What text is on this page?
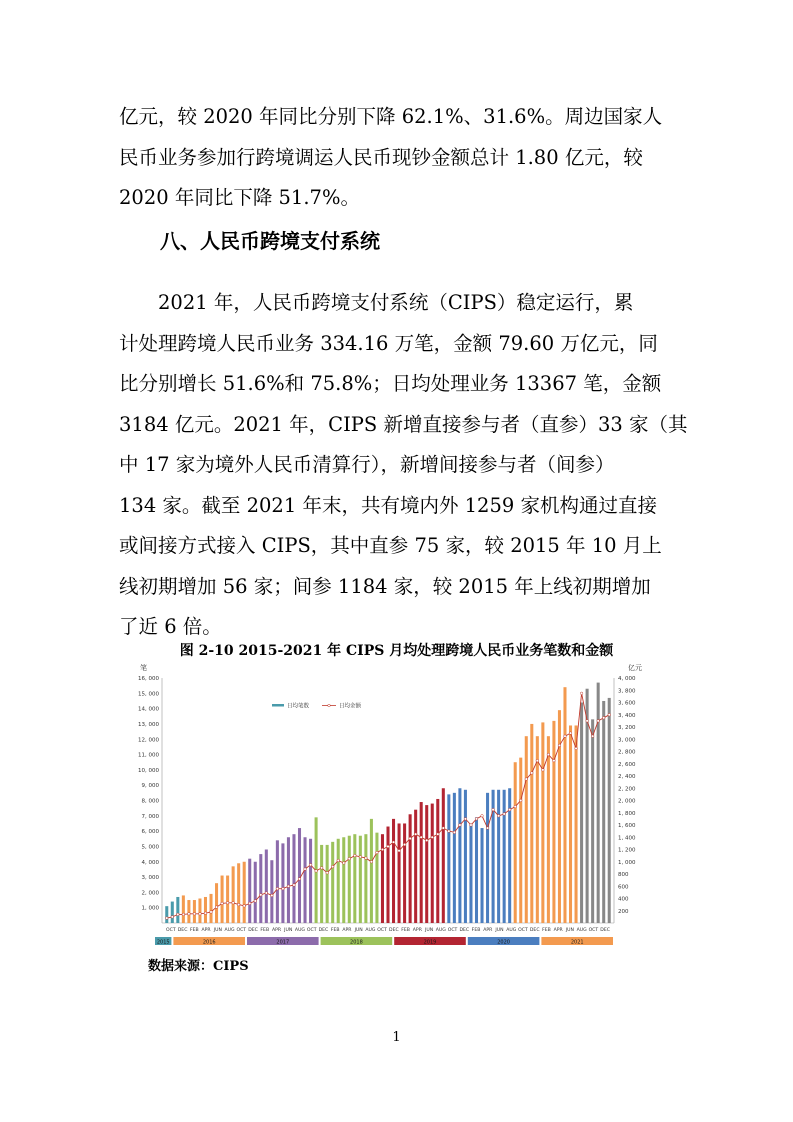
亿元，较 2020 年同比分别下降 62.1%、31.6%。周边国家人
民币业务参加行跨境调运人民币现钞金额总计 1.80 亿元，较
2020 年同比下降 51.7%。
八、人民币跨境支付系统
　　2021 年，人民币跨境支付系统（CIPS）稳定运行，累
计处理跨境人民币业务 334.16 万笔，金额 79.60 万亿元，同
比分别增长 51.6%和 75.8%；日均处理业务 13367 笔，金额
3184 亿元。2021 年，CIPS 新增直接参与者（直参）33 家（其
中 17 家为境外人民币清算行），新增间接参与者（间参）
134 家。截至 2021 年末，共有境内外 1259 家机构通过直接
或间接方式接入 CIPS，其中直参 75 家，较 2015 年 10 月上
线初期增加 56 家；间参 1184 家，较 2015 年上线初期增加
了近 6 倍。

图 2-10 2015-2021 年 CIPS 月均处理跨境人民币业务笔数和金额

笔	亿元
1, 000
2, 000
3, 000
4, 000
5, 000
6, 000
7, 000
8, 000
9, 000
10, 000
11, 000
12, 000
13, 000
14, 000
15, 000
16, 000
200
400
600
800
1, 000
1, 200
1, 400
1, 600
1, 800
2, 000
2, 200
2, 400
2, 600
2, 800
3, 000
3, 200
3, 400
3, 600
3, 800
4, 000
日均笔数	日均金额
OCT DEC FEB APR JUN AUG OCT DEC FEB APR JUN AUG OCT DEC FEB APR JUN AUG OCT DEC FEB APR JUN AUG OCT DEC FEB APR JUN AUG OCT DEC FEB APR JUN AUG OCT DEC
2015	2016	2017	2018	2019	2020	2021

数据来源：CIPS

1
